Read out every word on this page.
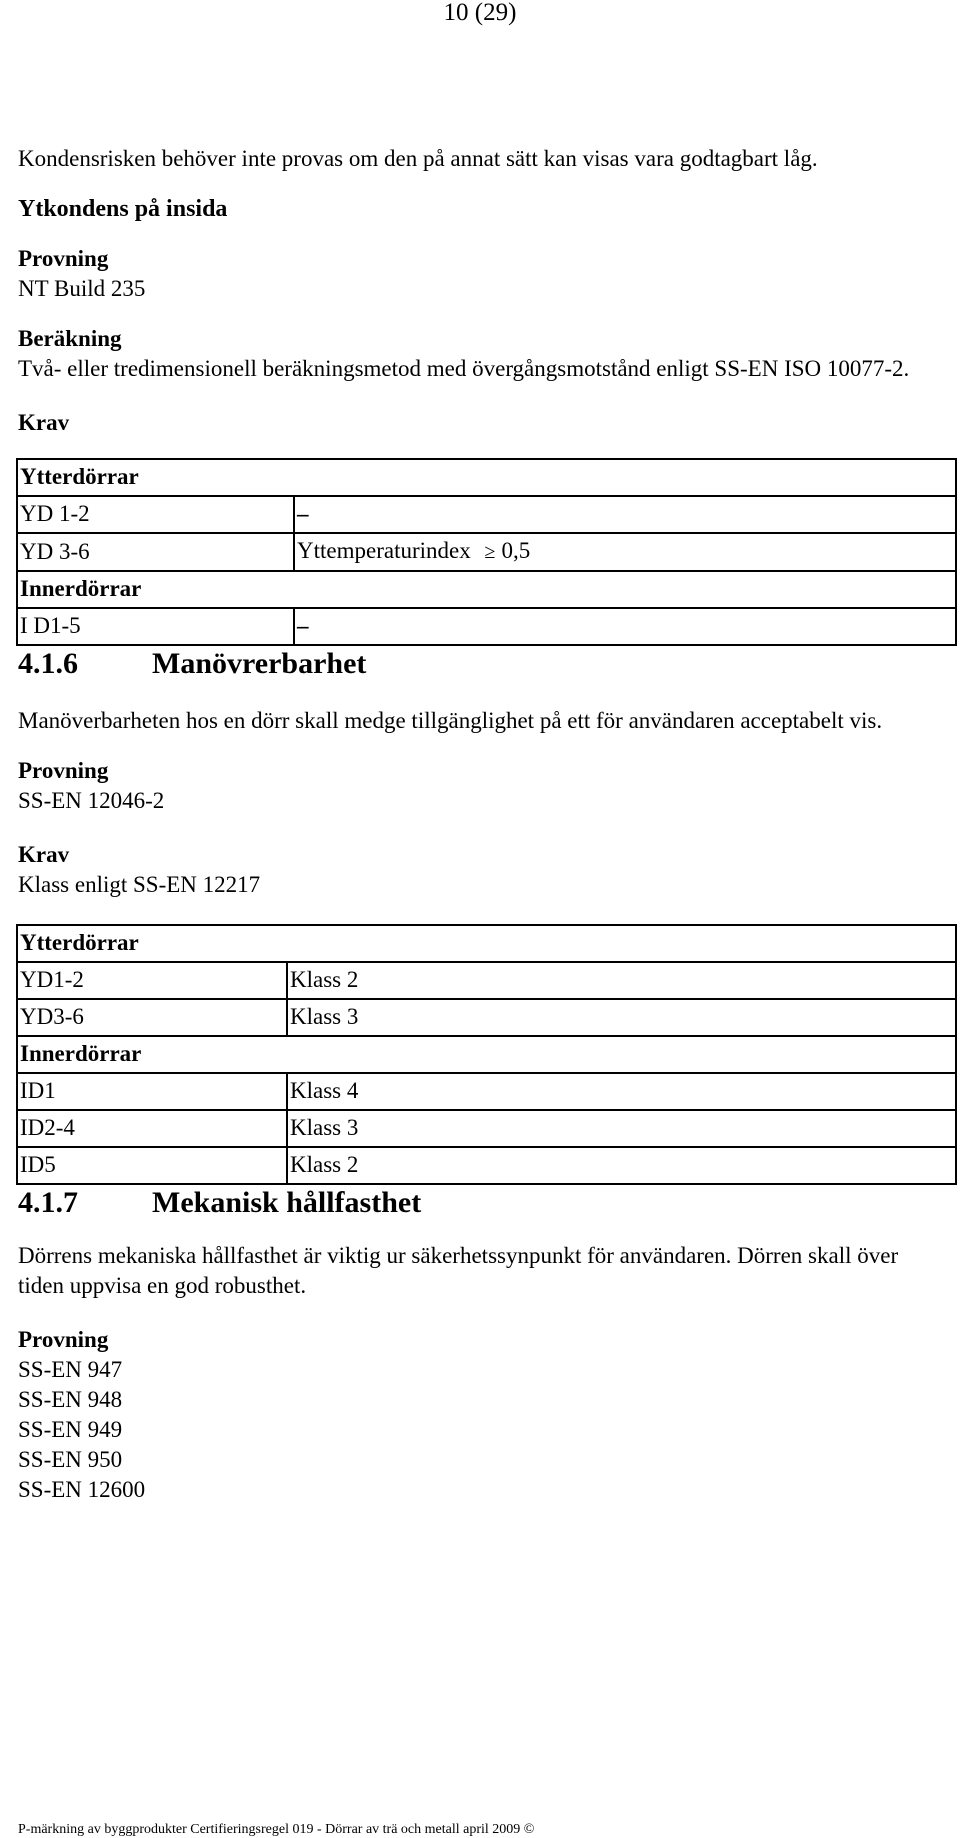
10 (29)

Kondensrisken behöver inte provas om den på annat sätt kan visas vara godtagbart låg.

Ytkondens på insida

Provning

NT Build 235

Beräkning

Två- eller tredimensionell beräkningsmetod med övergångsmotstånd enligt SS-EN ISO 10077-2.

Krav

Ytterdörrar	
YD 1-2	–
YD 3-6	Yttemperaturindex ≥ 0,5
Innerdörrar	
I D1-5	–

4.1.6 Manövrerbarhet

Manöverbarheten hos en dörr skall medge tillgänglighet på ett för användaren acceptabelt vis.

Provning

SS-EN 12046-2

Krav

Klass enligt SS-EN 12217

Ytterdörrar	
YD1-2	Klass 2
YD3-6	Klass 3
Innerdörrar	
ID1	Klass 4
ID2-4	Klass 3
ID5	Klass 2

4.1.7 Mekanisk hållfasthet

Dörrens mekaniska hållfasthet är viktig ur säkerhetssynpunkt för användaren. Dörren skall över tiden uppvisa en god robusthet.

Provning

SS-EN 947

SS-EN 948

SS-EN 949

SS-EN 950

SS-EN 12600

P-märkning av byggprodukter Certifieringsregel 019 - Dörrar av trä och metall april 2009 ©
